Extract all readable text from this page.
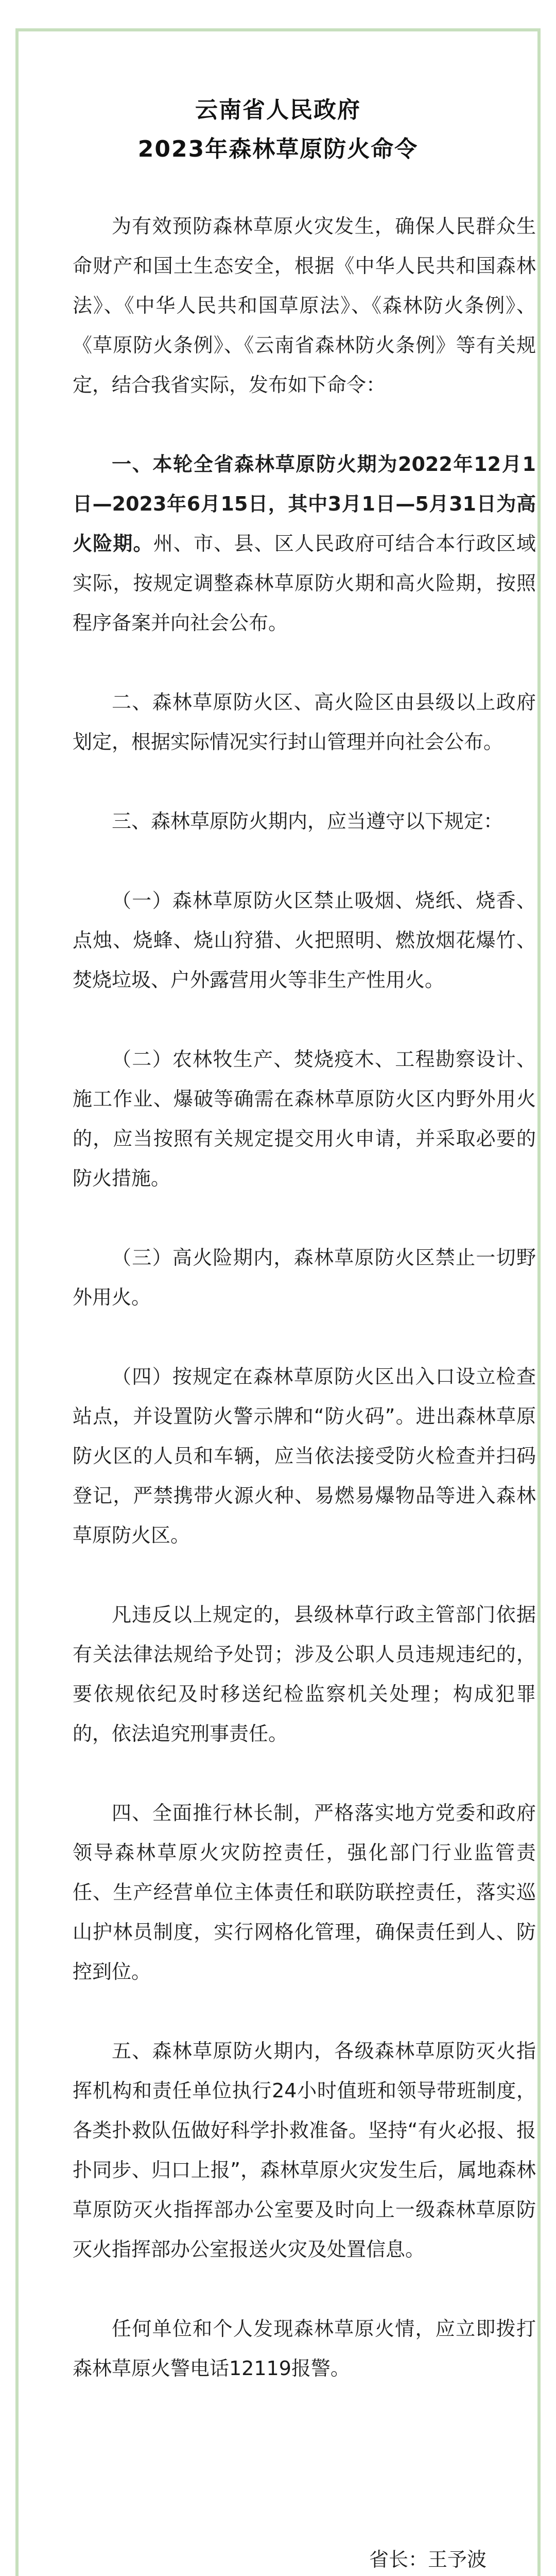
云南省人民政府
2023年森林草原防火命令

为有效预防森林草原火灾发生，确保人民群众生命财产和国土生态安全，根据《中华人民共和国森林法》、《中华人民共和国草原法》、《森林防火条例》、《草原防火条例》、《云南省森林防火条例》等有关规定，结合我省实际，发布如下命令：

一、本轮全省森林草原防火期为2022年12月1日—2023年6月15日，其中3月1日—5月31日为高火险期。州、市、县、区人民政府可结合本行政区域实际，按规定调整森林草原防火期和高火险期，按照程序备案并向社会公布。

二、森林草原防火区、高火险区由县级以上政府划定，根据实际情况实行封山管理并向社会公布。

三、森林草原防火期内，应当遵守以下规定：

（一）森林草原防火区禁止吸烟、烧纸、烧香、点烛、烧蜂、烧山狩猎、火把照明、燃放烟花爆竹、焚烧垃圾、户外露营用火等非生产性用火。

（二）农林牧生产、焚烧疫木、工程勘察设计、施工作业、爆破等确需在森林草原防火区内野外用火的，应当按照有关规定提交用火申请，并采取必要的防火措施。

（三）高火险期内，森林草原防火区禁止一切野外用火。

（四）按规定在森林草原防火区出入口设立检查站点，并设置防火警示牌和“防火码”。进出森林草原防火区的人员和车辆，应当依法接受防火检查并扫码登记，严禁携带火源火种、易燃易爆物品等进入森林草原防火区。

凡违反以上规定的，县级林草行政主管部门依据有关法律法规给予处罚；涉及公职人员违规违纪的，要依规依纪及时移送纪检监察机关处理；构成犯罪的，依法追究刑事责任。

四、全面推行林长制，严格落实地方党委和政府领导森林草原火灾防控责任，强化部门行业监管责任、生产经营单位主体责任和联防联控责任，落实巡山护林员制度，实行网格化管理，确保责任到人、防控到位。

五、森林草原防火期内，各级森林草原防灭火指挥机构和责任单位执行24小时值班和领导带班制度，各类扑救队伍做好科学扑救准备。坚持“有火必报、报扑同步、归口上报”，森林草原火灾发生后，属地森林草原防灭火指挥部办公室要及时向上一级森林草原防灭火指挥部办公室报送火灾及处置信息。

任何单位和个人发现森林草原火情，应立即拨打森林草原火警电话12119报警。

省长：王予波
